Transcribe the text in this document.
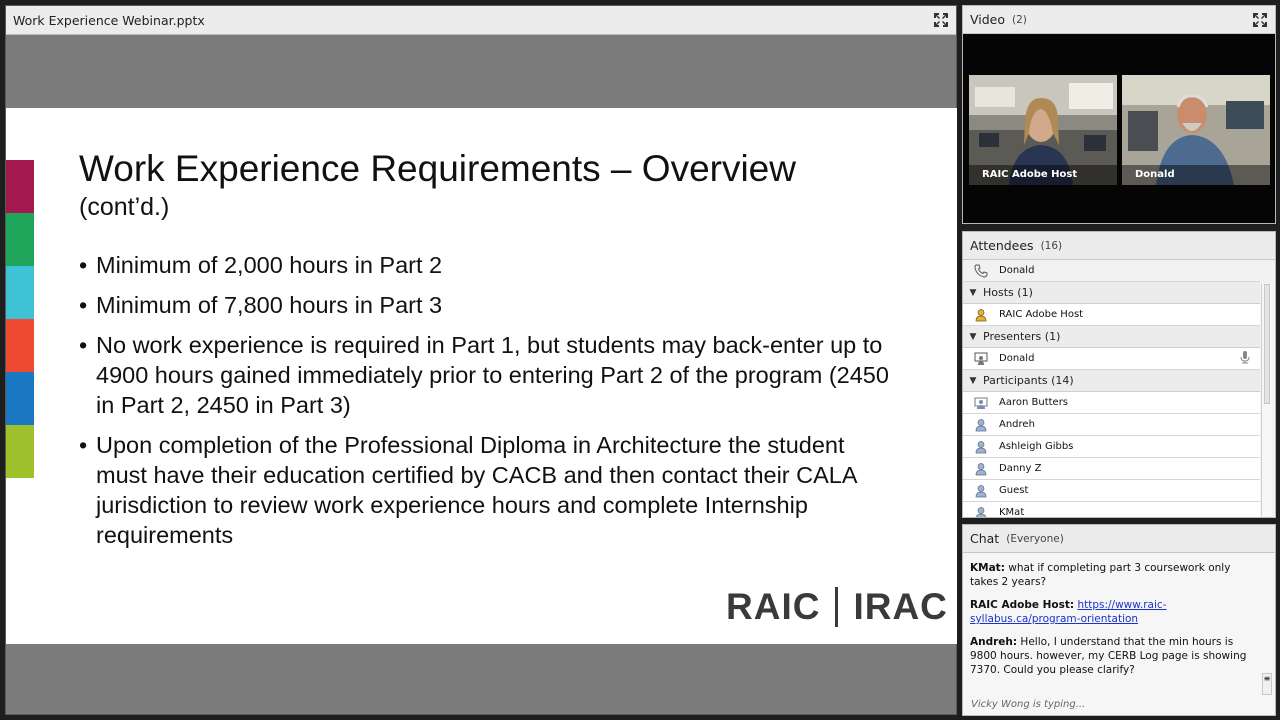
Work Experience Webinar.pptx
Work Experience Requirements – Overview
(cont’d.)
• Minimum of 2,000 hours in Part 2
• Minimum of 7,800 hours in Part 3
• No work experience is required in Part 1, but students may back-enter up to 4900 hours gained immediately prior to entering Part 2 of the program (2450 in Part 2, 2450 in Part 3)
• Upon completion of the Professional Diploma in Architecture the student must have their education certified by CACB and then contact their CALA jurisdiction to review work experience hours and complete Internship requirements
RAIC IRAC
Video (2)
RAIC Adobe Host	Donald
Attendees (16)
Donald
▼ Hosts (1)
RAIC Adobe Host
▼ Presenters (1)
Donald
▼ Participants (14)
Aaron Butters
Andreh
Ashleigh Gibbs
Danny Z
Guest
KMat
Chat (Everyone)
KMat: what if completing part 3 coursework only takes 2 years?
RAIC Adobe Host: https://www.raic-syllabus.ca/program-orientation
Andreh: Hello, I understand that the min hours is 9800 hours. however, my CERB Log page is showing 7370. Could you please clarify?
≡
Vicky Wong is typing...
